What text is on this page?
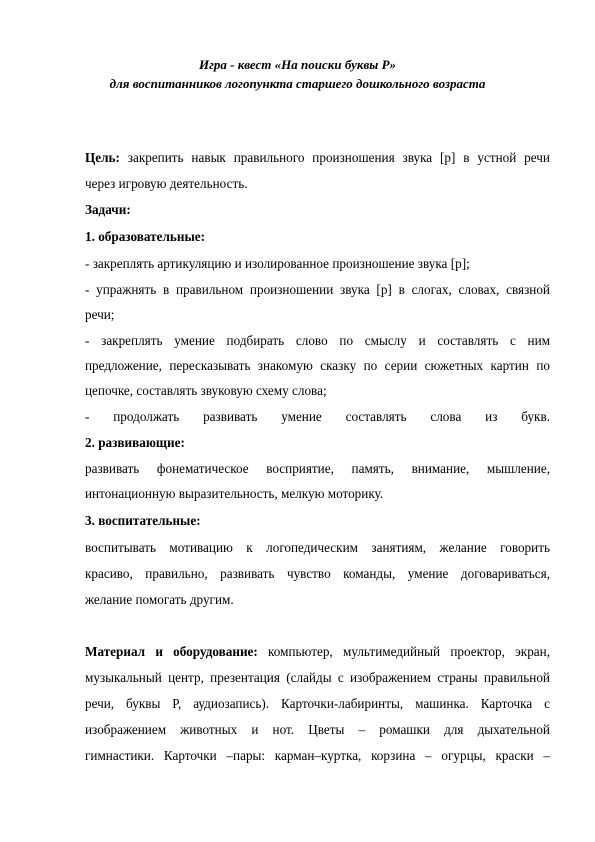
Игра - квест «На поиски буквы Р»
для воспитанников логопункта старшего дошкольного возраста
Цель: закрепить навык правильного произношения звука [р] в устной речи
через игровую деятельность.
Задачи:
1. образовательные:
- закреплять артикуляцию и изолированное произношение звука [р];
- упражнять в правильном произношении звука [р] в слогах, словах, связной
речи;
- закреплять умение подбирать слово по смыслу и составлять с ним
предложение, пересказывать знакомую сказку по серии сюжетных картин по
цепочке, составлять звуковую схему слова;
- продолжать развивать умение составлять слова из букв.
2. развивающие:
развивать фонематическое восприятие, память, внимание, мышление,
интонационную выразительность, мелкую моторику.
3. воспитательные:
воспитывать мотивацию к логопедическим занятиям, желание говорить
красиво, правильно, развивать чувство команды, умение договариваться,
желание помогать другим.
Материал и оборудование: компьютер, мультимедийный проектор, экран,
музыкальный центр, презентация (слайды с изображением страны правильной
речи, буквы Р, аудиозапись). Карточки-лабиринты, машинка. Карточка с
изображением животных и нот. Цветы – ромашки для дыхательной
гимнастики. Карточки –пары: карман–куртка, корзина – огурцы, краски –
